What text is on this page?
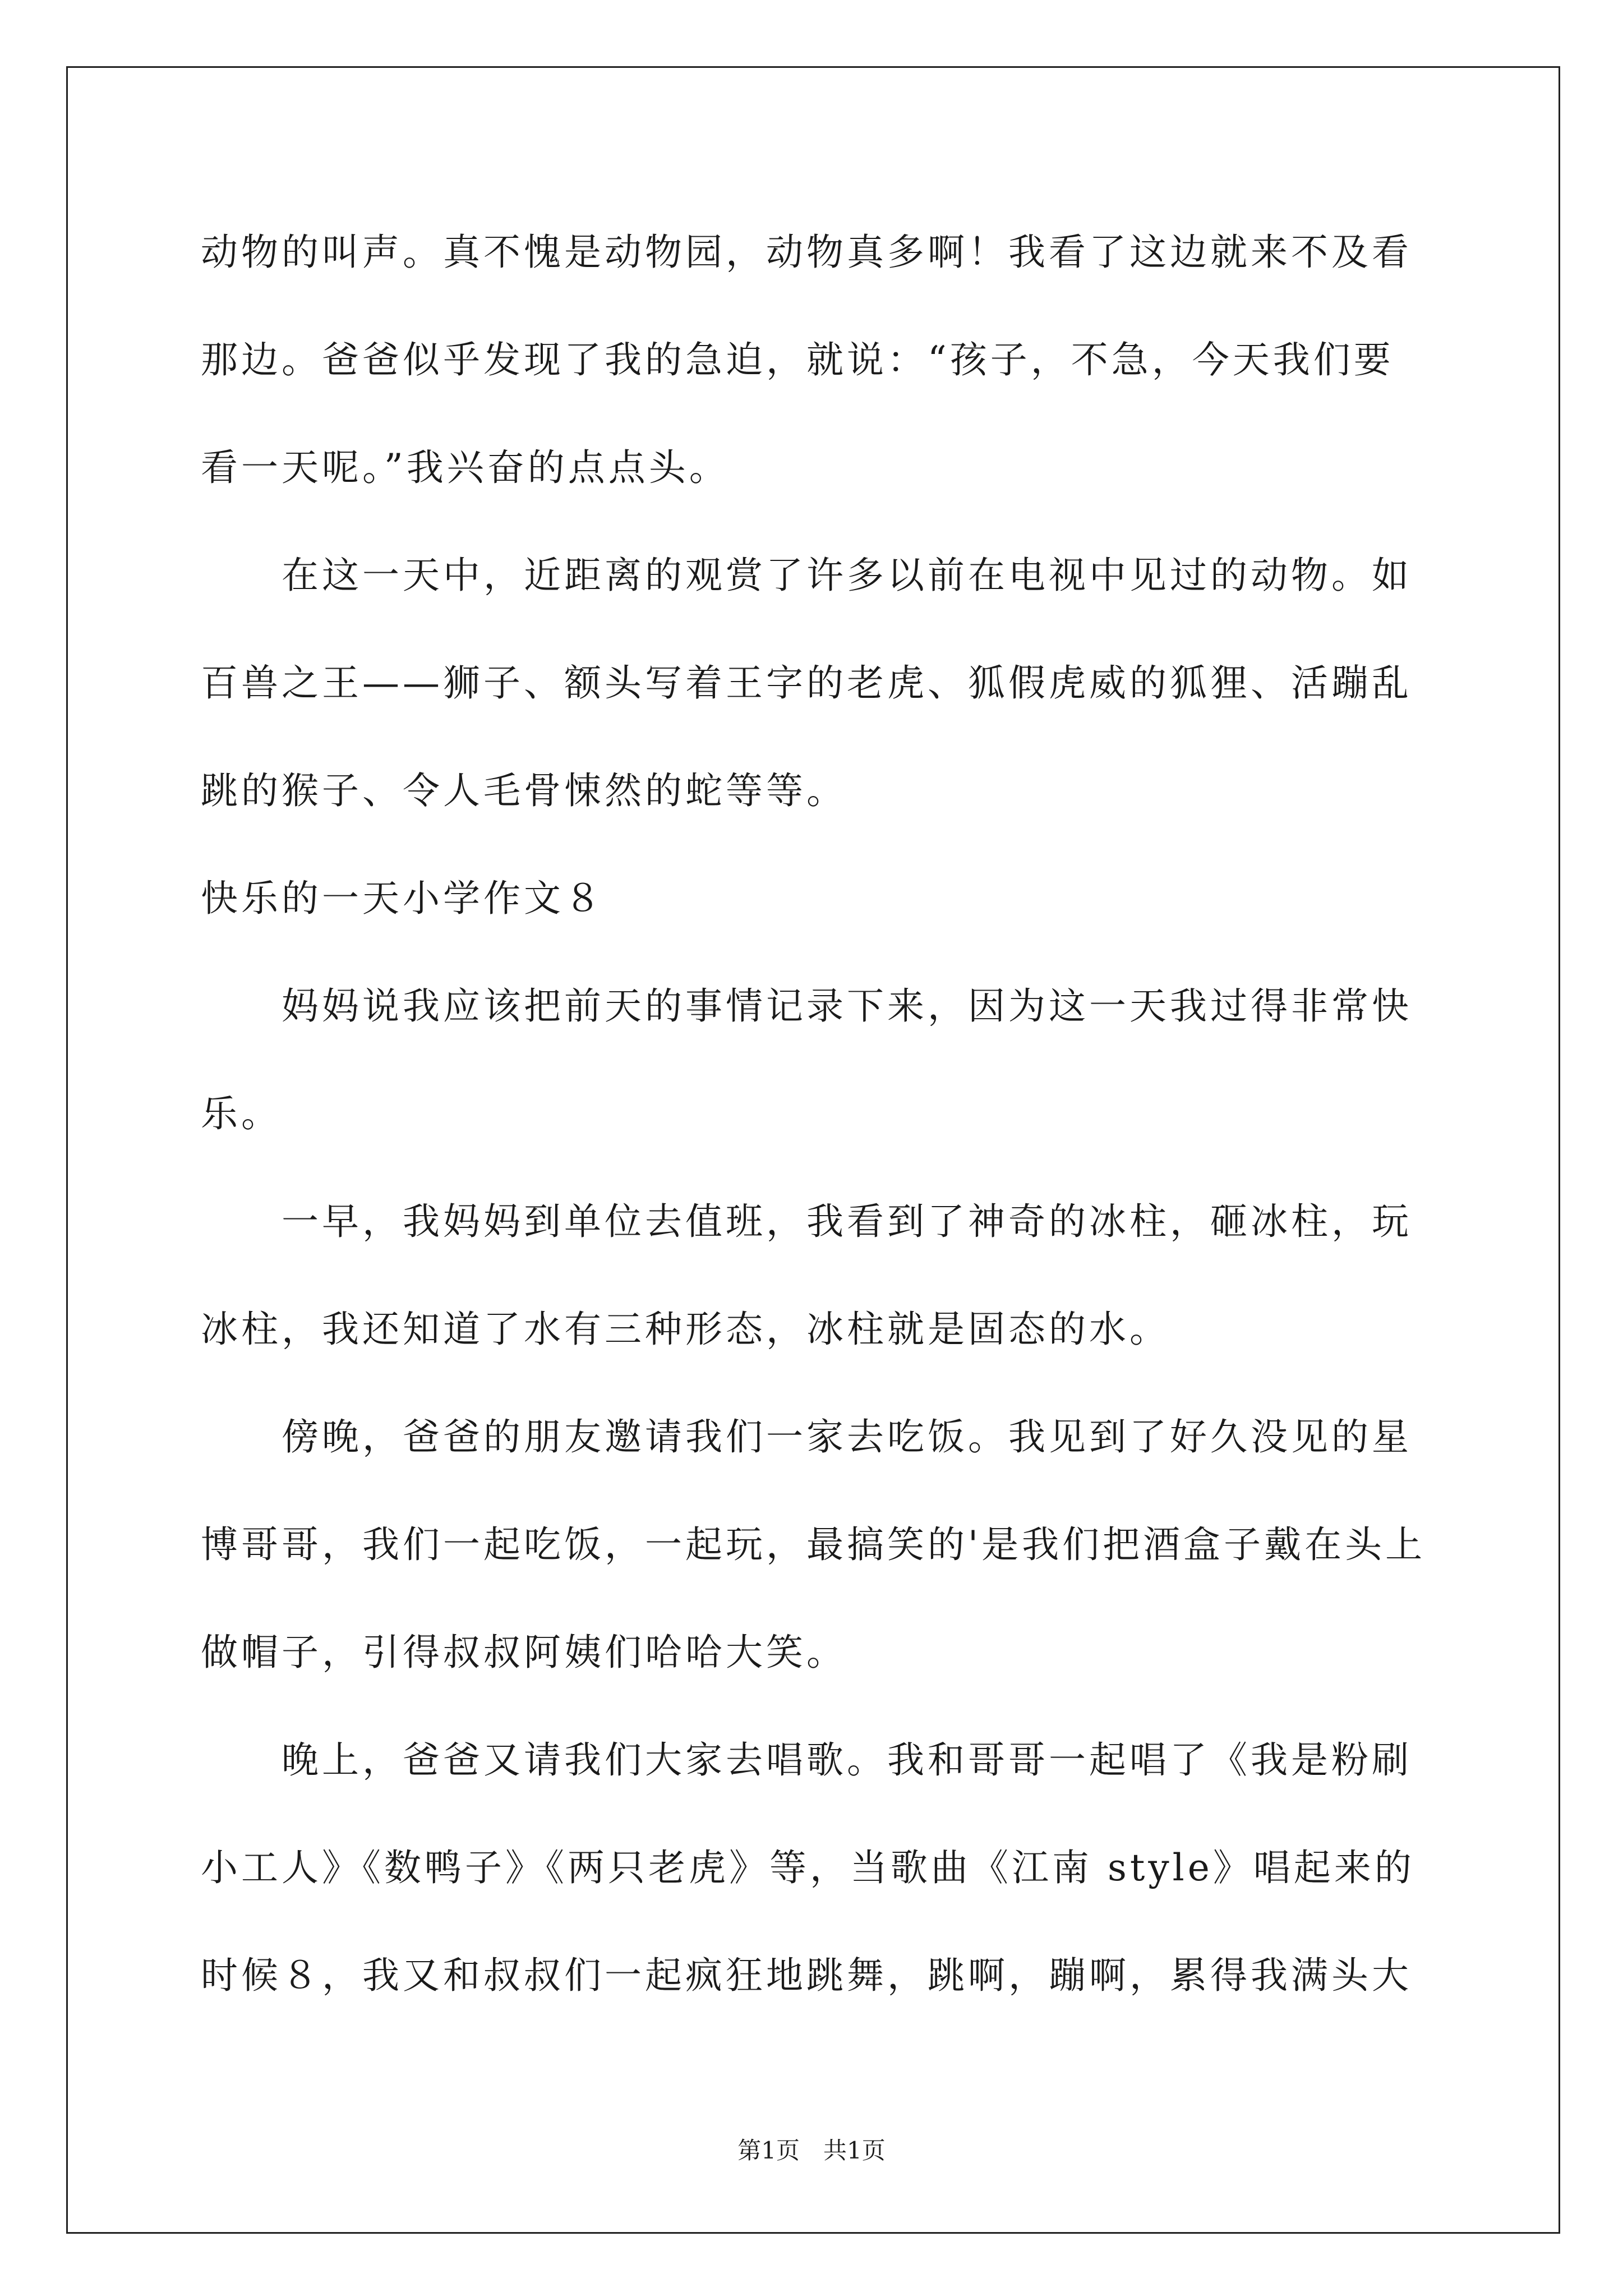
动物的叫声。真不愧是动物园，动物真多啊！我看了这边就来不及看
那边。爸爸似乎发现了我的急迫，就说：“孩子，不急，今天我们要
看一天呢。”我兴奋的点点头。
在这一天中，近距离的观赏了许多以前在电视中见过的动物。如
百兽之王——狮子、额头写着王字的老虎、狐假虎威的狐狸、活蹦乱
跳的猴子、令人毛骨悚然的蛇等等。
快乐的一天小学作文８
妈妈说我应该把前天的事情记录下来，因为这一天我过得非常快
乐。
一早，我妈妈到单位去值班，我看到了神奇的冰柱，砸冰柱，玩
冰柱，我还知道了水有三种形态，冰柱就是固态的水。
傍晚，爸爸的朋友邀请我们一家去吃饭。我见到了好久没见的星
博哥哥，我们一起吃饭，一起玩，最搞笑的'是我们把酒盒子戴在头上
做帽子，引得叔叔阿姨们哈哈大笑。
晚上，爸爸又请我们大家去唱歌。我和哥哥一起唱了《我是粉刷
小工人》《数鸭子》《两只老虎》等，当歌曲《江南 style》唱起来的
时候８，我又和叔叔们一起疯狂地跳舞，跳啊，蹦啊，累得我满头大
第1页　共1页
